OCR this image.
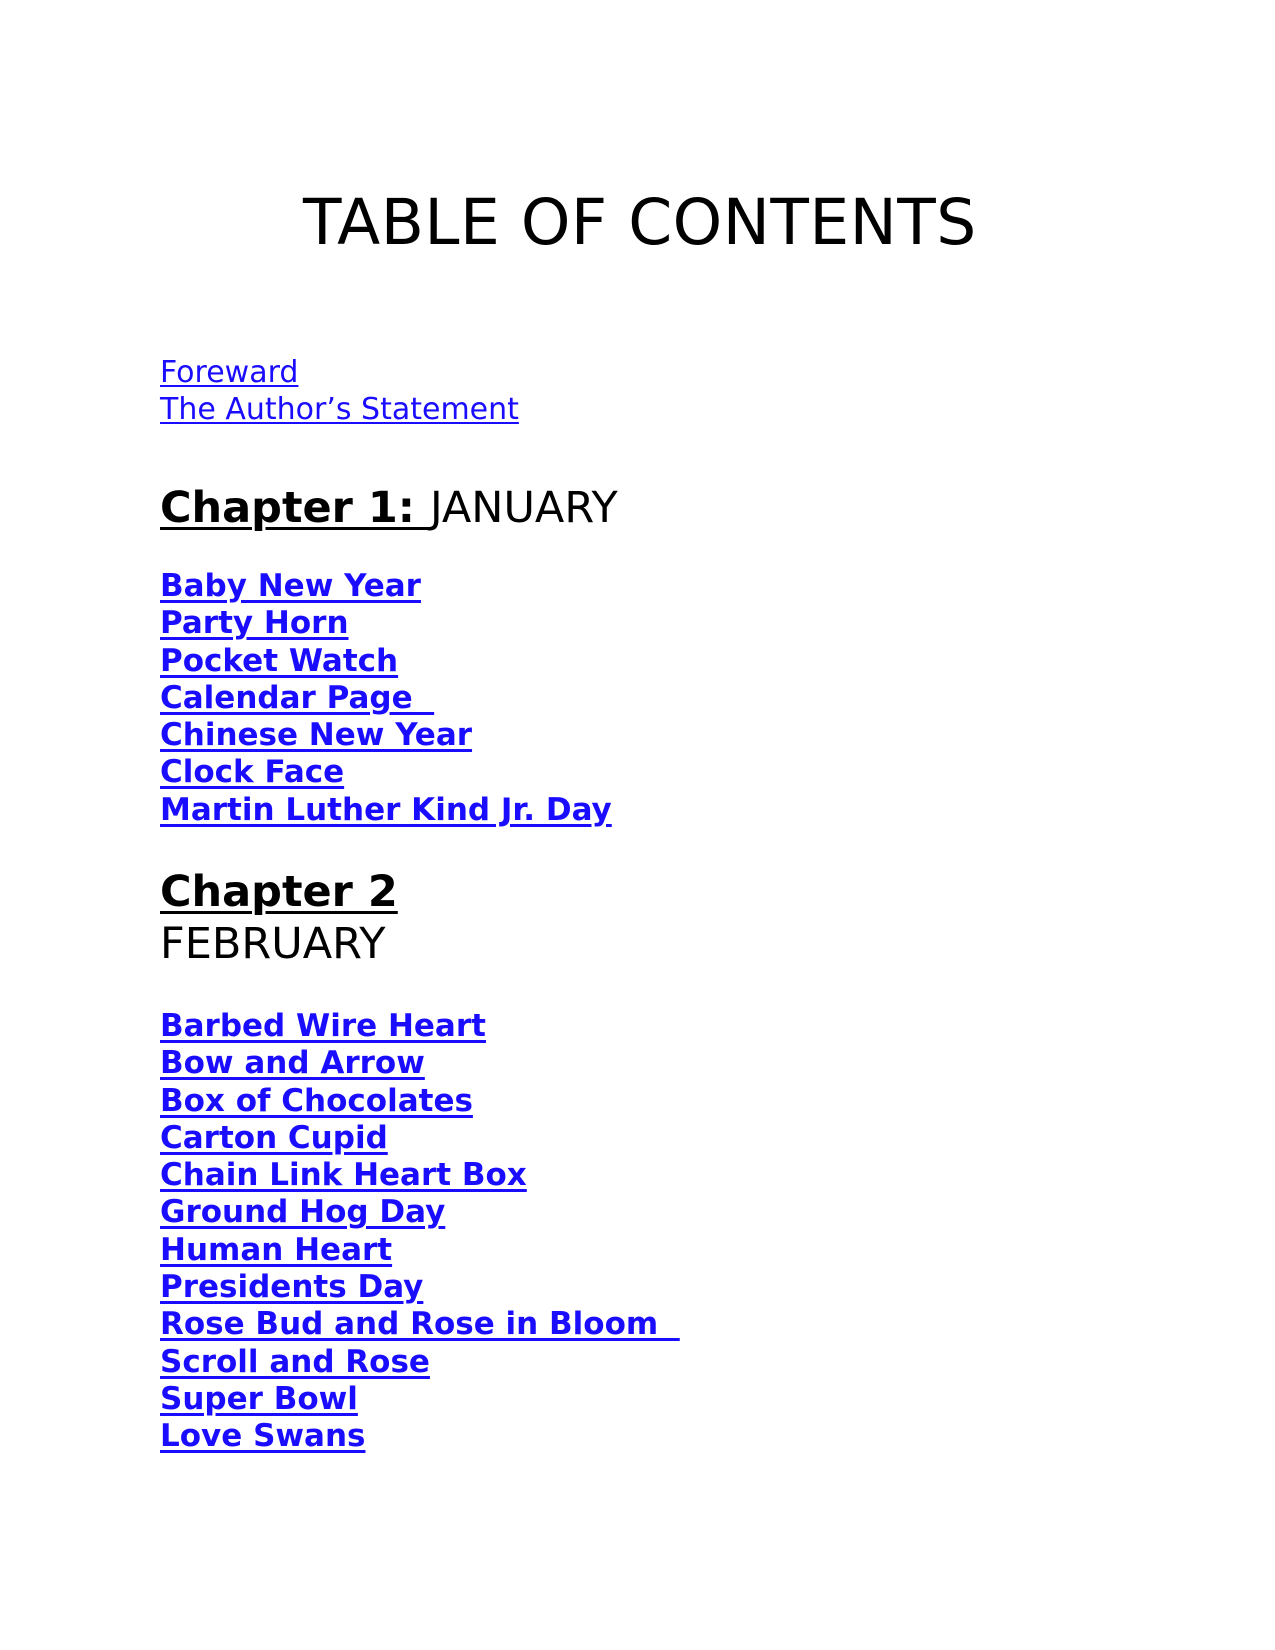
TABLE OF CONTENTS
Foreward
The Author’s Statement
Chapter 1: JANUARY
Baby New Year
Party Horn
Pocket Watch
Calendar Page
Chinese New Year
Clock Face
Martin Luther Kind Jr. Day
Chapter 2
FEBRUARY
Barbed Wire Heart
Bow and Arrow
Box of Chocolates
Carton Cupid
Chain Link Heart Box
Ground Hog Day
Human Heart
Presidents Day
Rose Bud and Rose in Bloom
Scroll and Rose
Super Bowl
Love Swans
